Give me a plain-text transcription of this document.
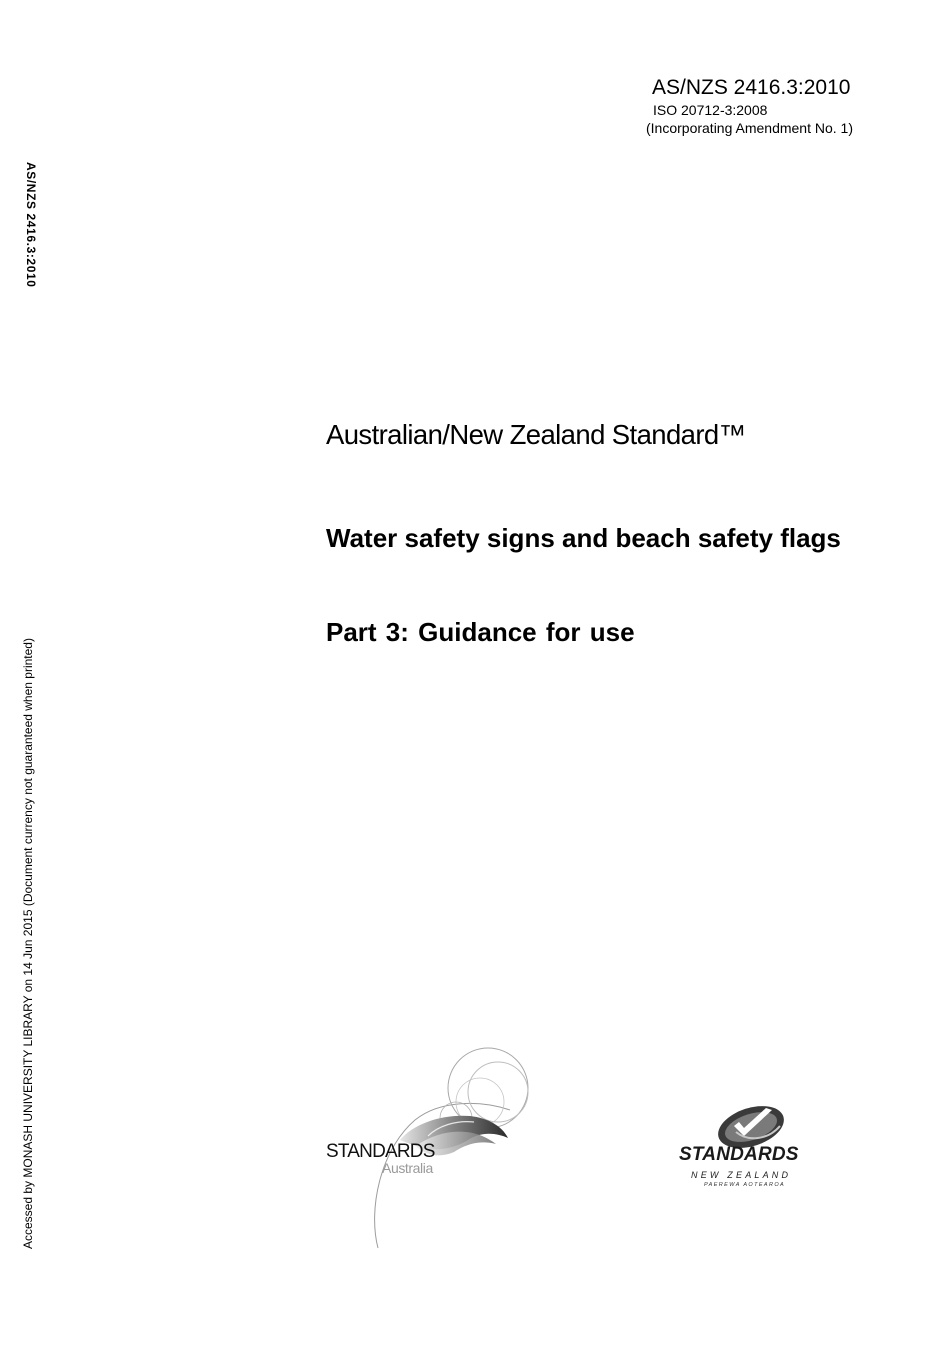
AS/NZS 2416.3:2010
ISO 20712-3:2008
(Incorporating Amendment No. 1)
AS/NZS 2416.3:2010
Accessed by MONASH UNIVERSITY LIBRARY on 14 Jun 2015 (Document currency not guaranteed when printed)
Australian/New Zealand Standard™
Water safety signs and beach safety flags
Part 3: Guidance for use
STANDARDS
Australia
STANDARDS
NEW ZEALAND
PAEREWA AOTEAROA
